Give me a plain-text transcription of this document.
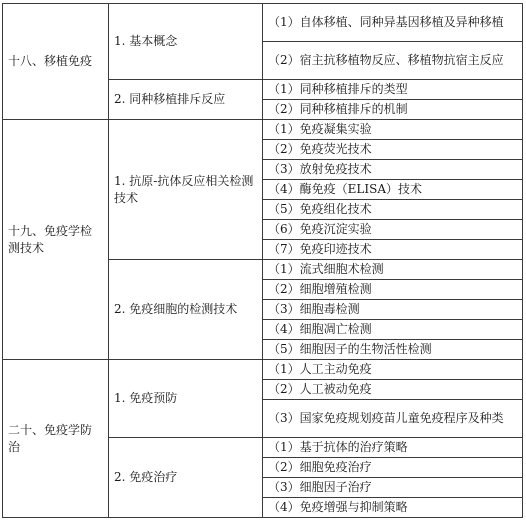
十八、移植免疫	1. 基本概念	（1）自体移植、同种异基因移植及异种移植
		（2）宿主抗移植物反应、移植物抗宿主反应
	2. 同种移植排斥反应	（1）同种移植排斥的类型
		（2）同种移植排斥的机制
十九、免疫学检测技术	1. 抗原-抗体反应相关检测技术	（1）免疫凝集实验
		（2）免疫荧光技术
		（3）放射免疫技术
		（4）酶免疫（ELISA）技术
		（5）免疫组化技术
		（6）免疫沉淀实验
		（7）免疫印迹技术
	2. 免疫细胞的检测技术	（1）流式细胞术检测
		（2）细胞增殖检测
		（3）细胞毒检测
		（4）细胞凋亡检测
		（5）细胞因子的生物活性检测
二十、免疫学防治	1. 免疫预防	（1）人工主动免疫
		（2）人工被动免疫
		（3）国家免疫规划疫苗儿童免疫程序及种类
	2. 免疫治疗	（1）基于抗体的治疗策略
		（2）细胞免疫治疗
		（3）细胞因子治疗
		（4）免疫增强与抑制策略
